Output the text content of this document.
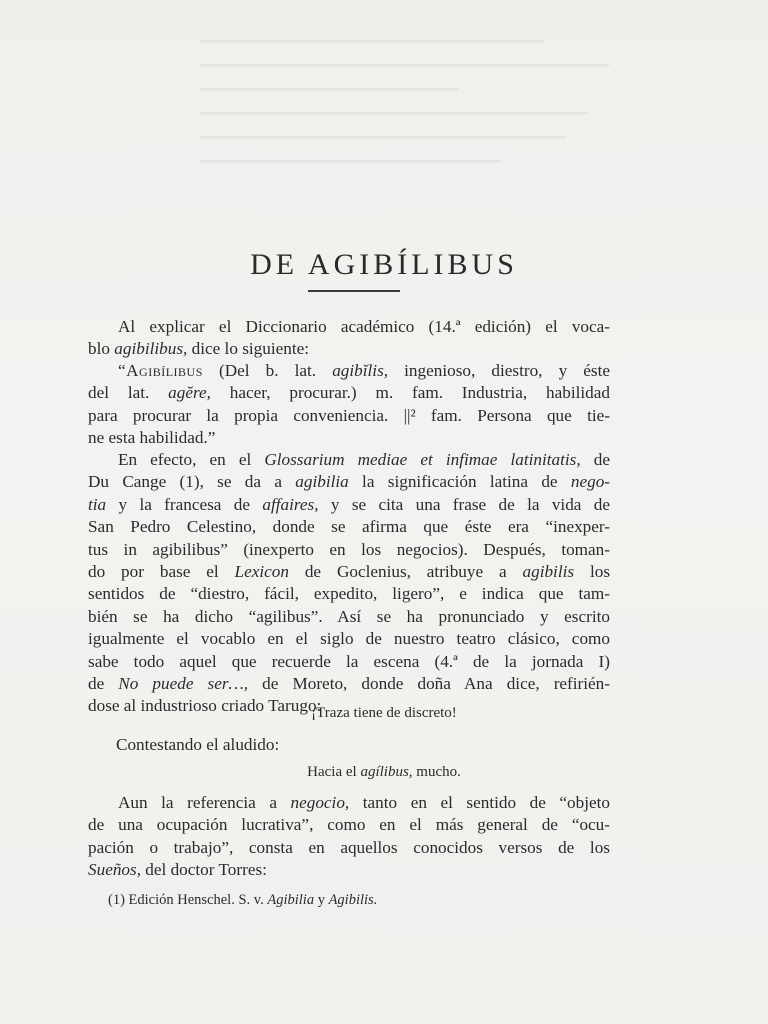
DE AGIBÍLIBUS
Al explicar el Diccionario académico (14.ª edición) el voca-
blo agibilibus, dice lo siguiente:
“Agibílibus (Del b. lat. agibĭlis, ingenioso, diestro, y éste
del lat. agĕre, hacer, procurar.) m. fam. Industria, habilidad
para procurar la propia conveniencia. ||² fam. Persona que tie-
ne esta habilidad.”
En efecto, en el Glossarium mediae et infimae latinitatis, de
Du Cange (1), se da a agibilia la significación latina de nego-
tia y la francesa de affaires, y se cita una frase de la vida de
San Pedro Celestino, donde se afirma que éste era “inexper-
tus in agibilibus” (inexperto en los negocios). Después, toman-
do por base el Lexicon de Goclenius, atribuye a agibilis los
sentidos de “diestro, fácil, expedito, ligero”, e indica que tam-
bién se ha dicho “agilibus”. Así se ha pronunciado y escrito
igualmente el vocablo en el siglo de nuestro teatro clásico, como
sabe todo aquel que recuerde la escena (4.ª de la jornada I)
de No puede ser…, de Moreto, donde doña Ana dice, refirién-
dose al industrioso criado Tarugo:
¡Traza tiene de discreto!
Contestando el aludido:
Hacia el agílibus, mucho.
Aun la referencia a negocio, tanto en el sentido de “objeto
de una ocupación lucrativa”, como en el más general de “ocu-
pación o trabajo”, consta en aquellos conocidos versos de los
Sueños, del doctor Torres:
(1) Edición Henschel. S. v. Agibilia y Agibilis.
